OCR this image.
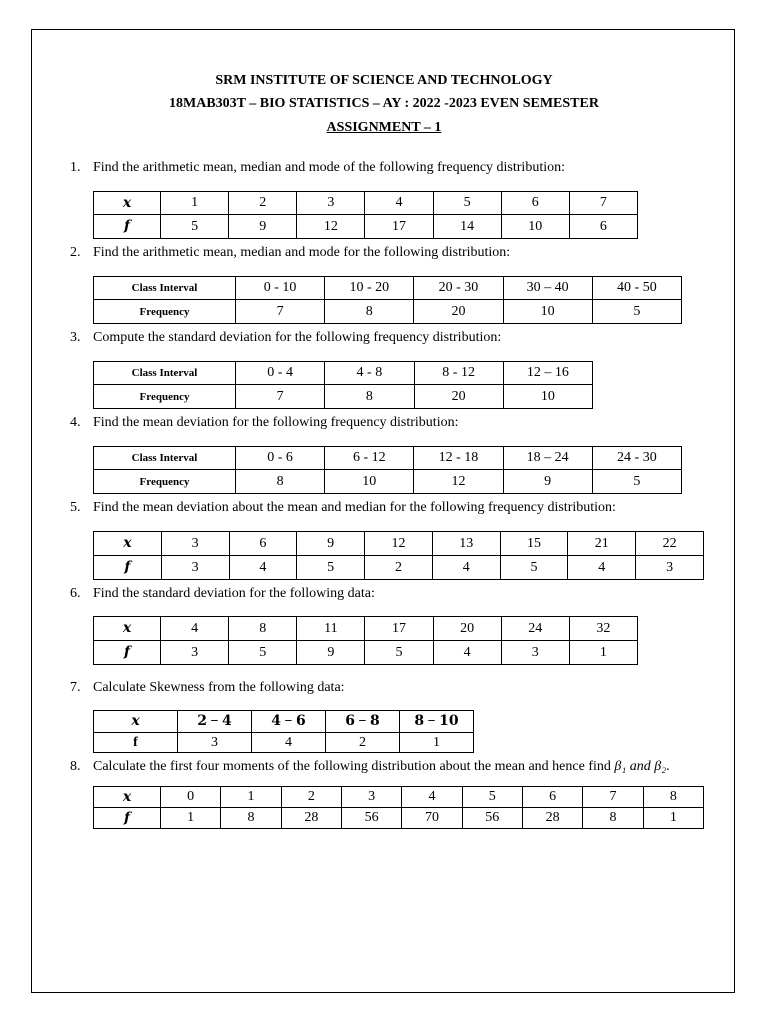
SRM INSTITUTE OF SCIENCE AND TECHNOLOGY
18MAB303T – BIO STATISTICS – AY : 2022 -2023 EVEN SEMESTER
ASSIGNMENT – 1
1. Find the arithmetic mean, median and mode of the following frequency distribution:
𝒙	1	2	3	4	5	6	7
𝒇	5	9	12	17	14	10	6
2. Find the arithmetic mean, median and mode for the following distribution:
Class Interval	0 - 10	10 - 20	20 - 30	30 – 40	40 - 50
Frequency	7	8	20	10	5
3. Compute the standard deviation for the following frequency distribution:
Class Interval	0 - 4	4 - 8	8 - 12	12 – 16
Frequency	7	8	20	10
4. Find the mean deviation for the following frequency distribution:
Class Interval	0 - 6	6 - 12	12 - 18	18 – 24	24 - 30
Frequency	8	10	12	9	5
5. Find the mean deviation about the mean and median for the following frequency distribution:
𝒙	3	6	9	12	13	15	21	22
𝒇	3	4	5	2	4	5	4	3
6. Find the standard deviation for the following data:
𝒙	4	8	11	17	20	24	32
𝒇	3	5	9	5	4	3	1
7. Calculate Skewness from the following data:
𝒙	𝟐 − 𝟒	𝟒 − 𝟔	𝟔 − 𝟖	𝟖 − 𝟏𝟎
f	3	4	2	1
8. Calculate the first four moments of the following distribution about the mean and hence find β₁ and β₂.
𝒙	0	1	2	3	4	5	6	7	8
𝒇	1	8	28	56	70	56	28	8	1
